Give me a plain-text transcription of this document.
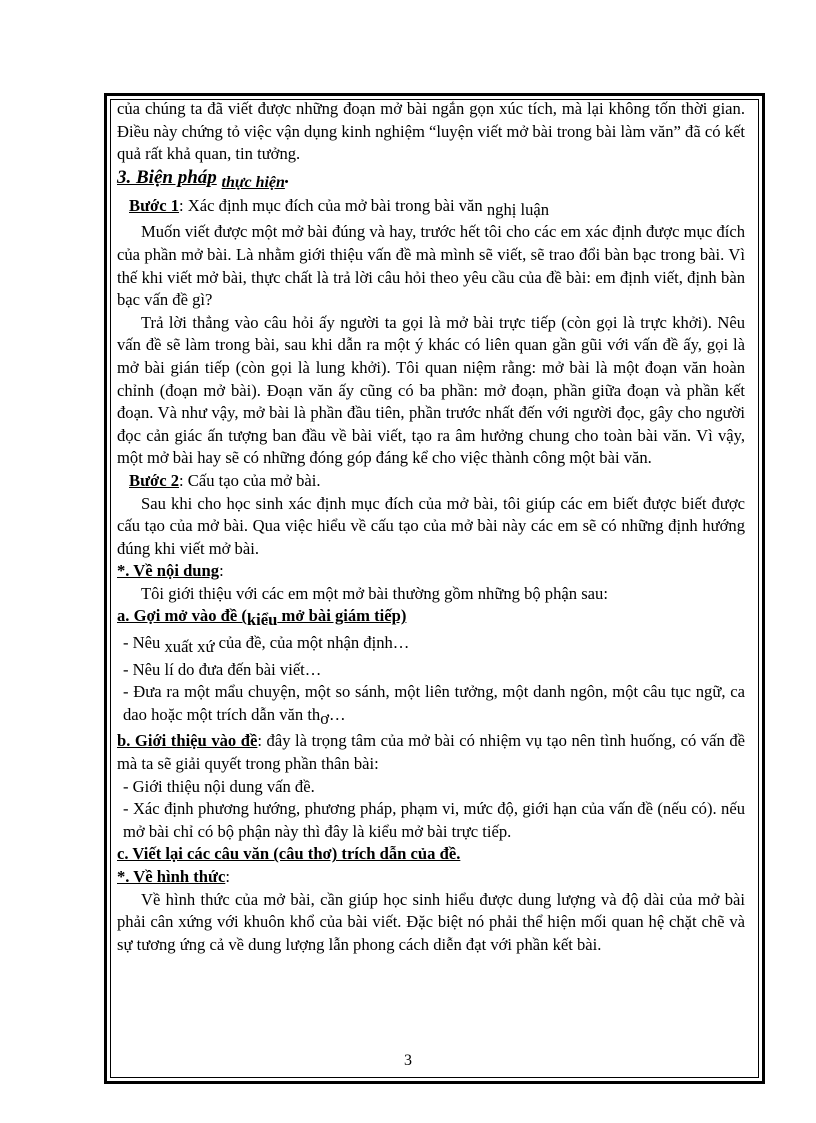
của chúng ta đã viết được những đoạn mở bài ngắn gọn xúc tích, mà lại không tốn thời gian. Điều này chứng tỏ việc vận dụng kinh nghiệm “luyện viết mở bài trong bài làm văn” đã có kết quả rất khả quan, tin tưởng.

3. Biện pháp $_{thực hiện}$.

Bước 1: Xác định mục đích của mở bài trong bài văn nghị luận

Muốn viết được một mở bài đúng và hay, trước hết tôi cho các em xác định được mục đích của phần mở bài. Là nhằm giới thiệu vấn đề mà mình sẽ viết, sẽ trao đổi bàn bạc trong bài. Vì thế khi viết mở bài, thực chất là trả lời câu hỏi theo yêu cầu của đề bài: em định viết, định bàn bạc vấn đề gì?

Trả lời thẳng vào câu hỏi ấy người ta gọi là mở bài trực tiếp (còn gọi là trực khởi). Nêu vấn đề sẽ làm trong bài, sau khi dẫn ra một ý khác có liên quan gần gũi với vấn đề ấy, gọi là mở bài gián tiếp (còn gọi là lung khởi). Tôi quan niệm rằng: mở bài là một đoạn văn hoàn chỉnh (đoạn mở bài). Đoạn văn ấy cũng có ba phần: mở đoạn, phần giữa đoạn và phần kết đoạn. Và như vậy, mở bài là phần đầu tiên, phần trước nhất đến với người đọc, gây cho người đọc cản giác ấn tượng ban đầu về bài viết, tạo ra âm hưởng chung cho toàn bài văn. Vì vậy, một mở bài hay sẽ có những đóng góp đáng kể cho việc thành công một bài văn.

Bước 2: Cấu tạo của mở bài.

Sau khi cho học sinh xác định mục đích của mở bài, tôi giúp các em biết được biết được cấu tạo của mở bài. Qua việc hiểu về cấu tạo của mở bài này các em sẽ có những định hướng đúng khi viết mở bài.

*. Về nội dung:

Tôi giới thiệu với các em một mở bài thường gồm những bộ phận sau:

a. Gợi mở vào đề (kiểu mở bài giám tiếp)

- Nêu xuất xứ của đề, của một nhận định…

- Nêu lí do đưa đến bài viết…

- Đưa ra một mẩu chuyện, một so sánh, một liên tưởng, một danh ngôn, một câu tục ngữ, ca dao hoặc một trích dẫn văn thơ…

b. Giới thiệu vào đề: đây là trọng tâm của mở bài có nhiệm vụ tạo nên tình huống, có vấn đề mà ta sẽ giải quyết trong phần thân bài:

- Giới thiệu nội dung vấn đề.

- Xác định phương hướng, phương pháp, phạm vi, mức độ, giới hạn của vấn đề (nếu có). nếu mở bài chỉ có bộ phận này thì đây là kiểu mở bài trực tiếp.

c. Viết lại các câu văn (câu thơ) trích dẫn của đề.

*. Về hình thức:

Về hình thức của mở bài, cần giúp học sinh hiểu được dung lượng và độ dài của mở bài phải cân xứng với khuôn khổ của bài viết. Đặc biệt nó phải thể hiện mối quan hệ chặt chẽ và sự tương ứng cả về dung lượng lẫn phong cách diễn đạt với phần kết bài.

3
